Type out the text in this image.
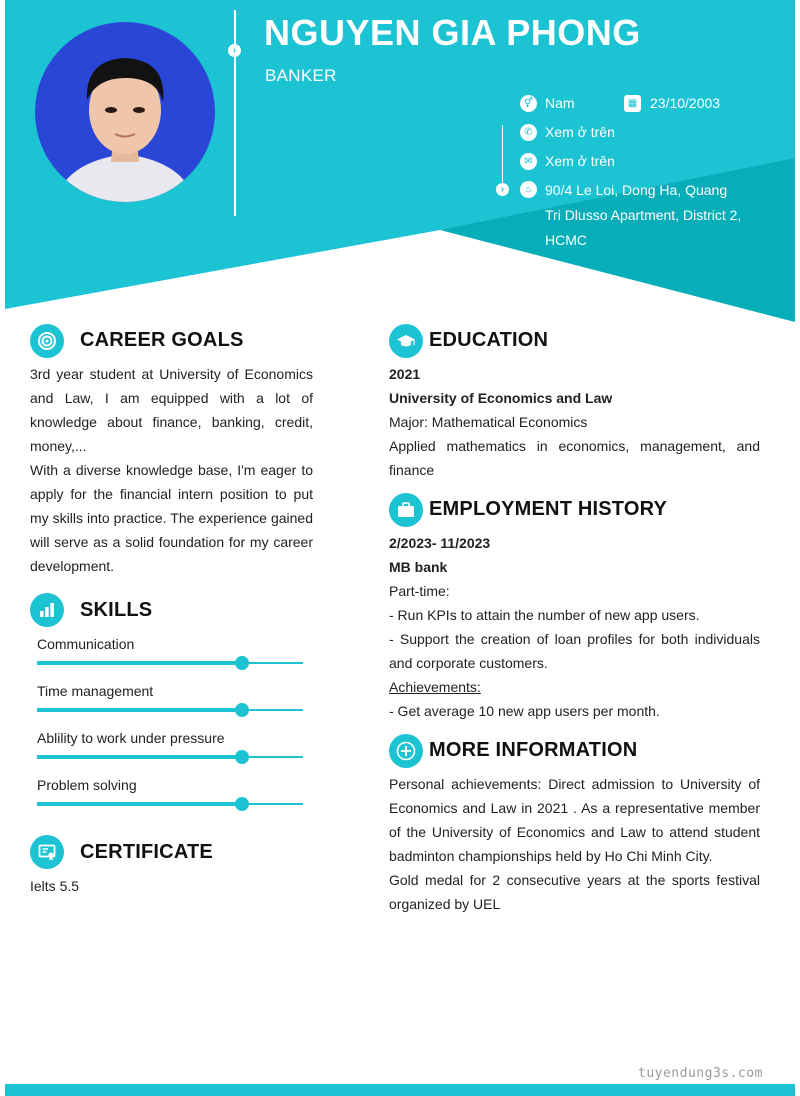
› NGUYEN GIA PHONG
BANKER
›
⚥ Nam	▦ 23/10/2003
✆ Xem ở trên
✉ Xem ở trên
⌂ 90/4 Le Loi, Dong Ha, Quang
Tri Dlusso Apartment, District 2,
HCMC
CAREER GOALS

3rd year student at University of Economics and Law, I am equipped with a lot of knowledge about finance, banking, credit, money,...

With a diverse knowledge base, I'm eager to apply for the financial intern position to put my skills into practice. The experience gained will serve as a solid foundation for my career development.

SKILLS
Communication
Time management
Ablility to work under pressure
Problem solving
CERTIFICATE
Ielts 5.5
EDUCATION
2021
University of Economics and Law
Major: Mathematical Economics

Applied mathematics in economics, management, and finance

EMPLOYMENT HISTORY
2/2023- 11/2023
MB bank
Part-time:
- Run KPIs to attain the number of new app users.

- Support the creation of loan profiles for both individuals and corporate customers.

Achievements:
- Get average 10 new app users per month.
MORE INFORMATION

Personal achievements: Direct admission to University of Economics and Law in 2021 . As a representative member of the University of Economics and Law to attend student badminton championships held by Ho Chi Minh City.

Gold medal for 2 consecutive years at the sports festival organized by UEL

tuyendung3s.com
